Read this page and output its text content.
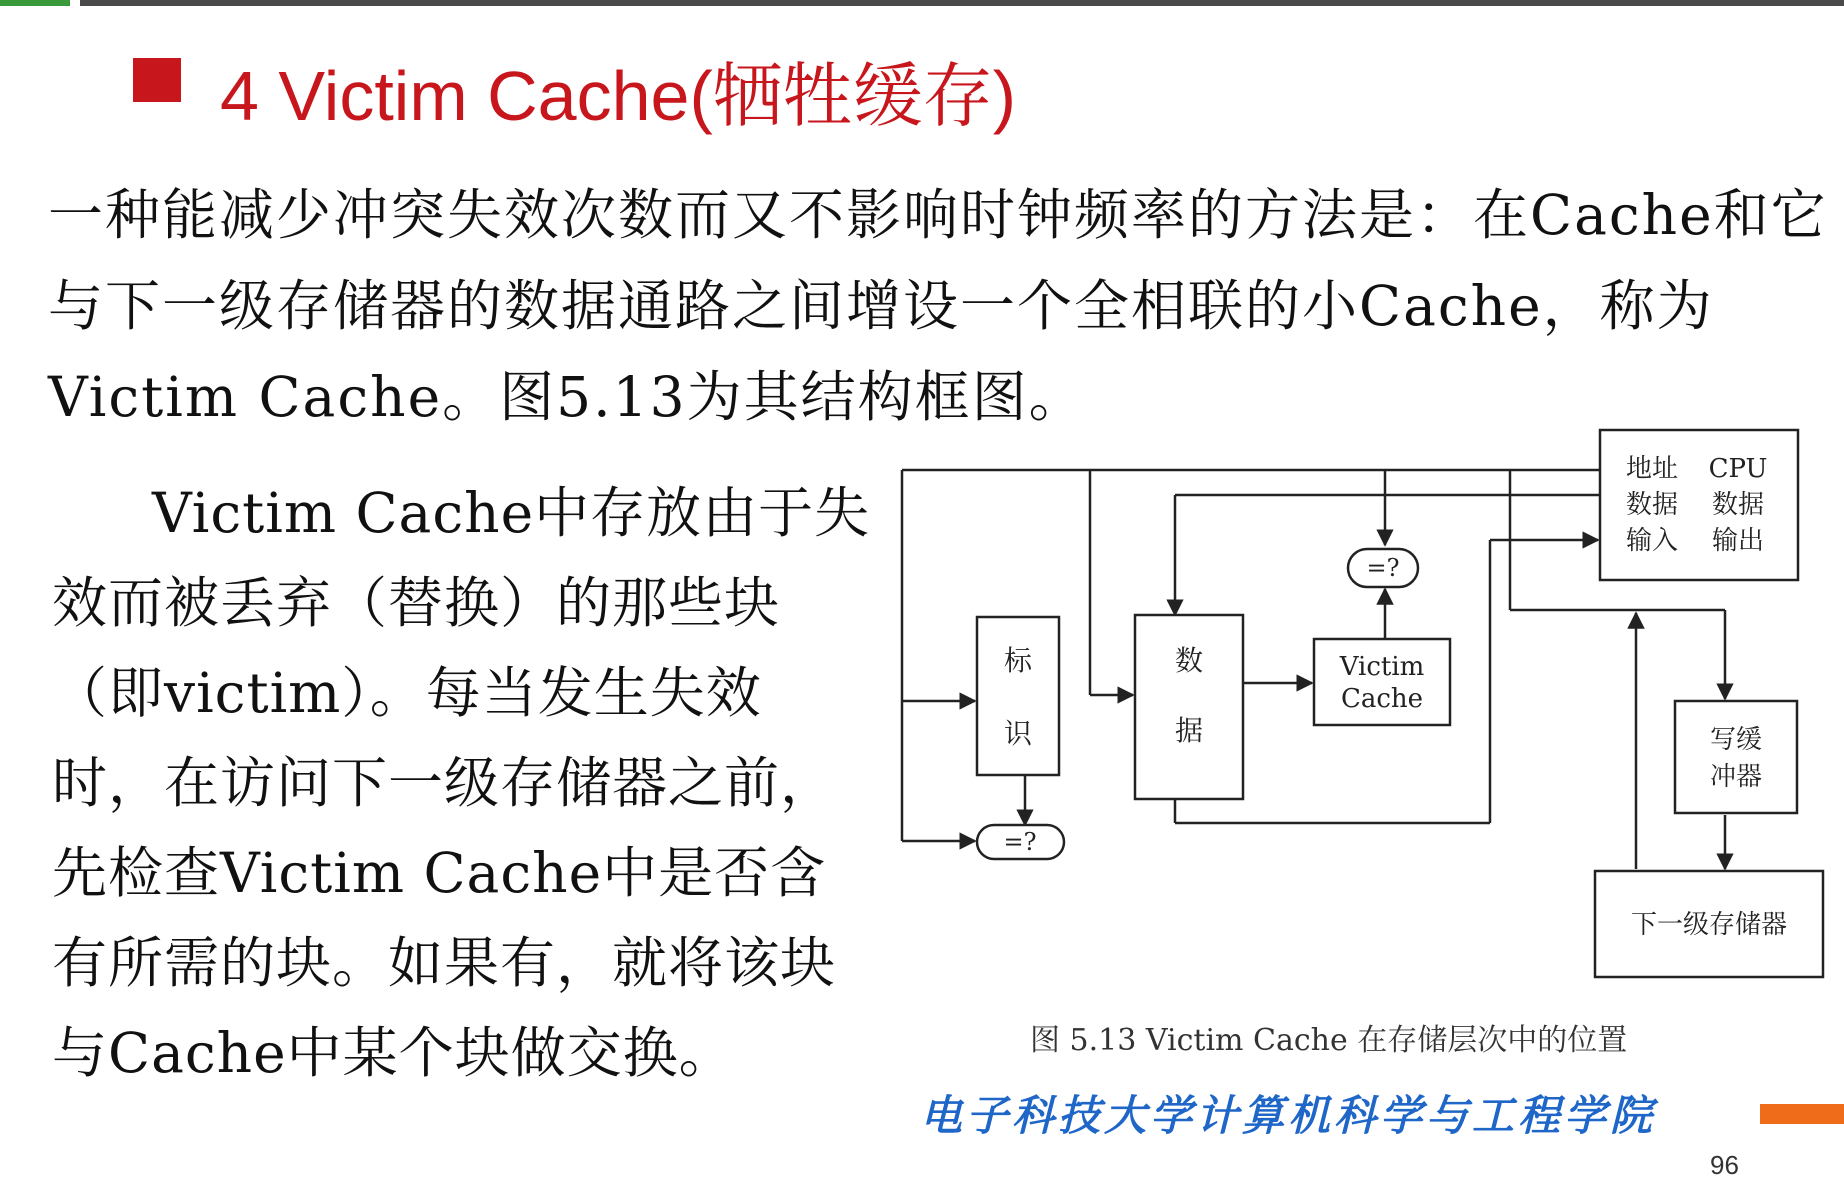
4 Victim Cache(牺牲缓存)

一种能减少冲突失效次数而又不影响时钟频率的方法是：在Cache和它与下一级存储器的数据通路之间增设一个全相联的小Cache，称为Victim Cache。图5.13为其结构框图。

Victim Cache中存放由于失效而被丢弃（替换）的那些块（即victim）。每当发生失效时，在访问下一级存储器之前，先检查Victim Cache中是否含有所需的块。如果有，就将该块与Cache中某个块做交换。

标
识
=?
数
据
Victim
Cache
=?
地址 CPU
数据 数据
输入 输出
写缓
冲器
下一级存储器

图 5.13 Victim Cache 在存储层次中的位置

电子科技大学计算机科学与工程学院

96
